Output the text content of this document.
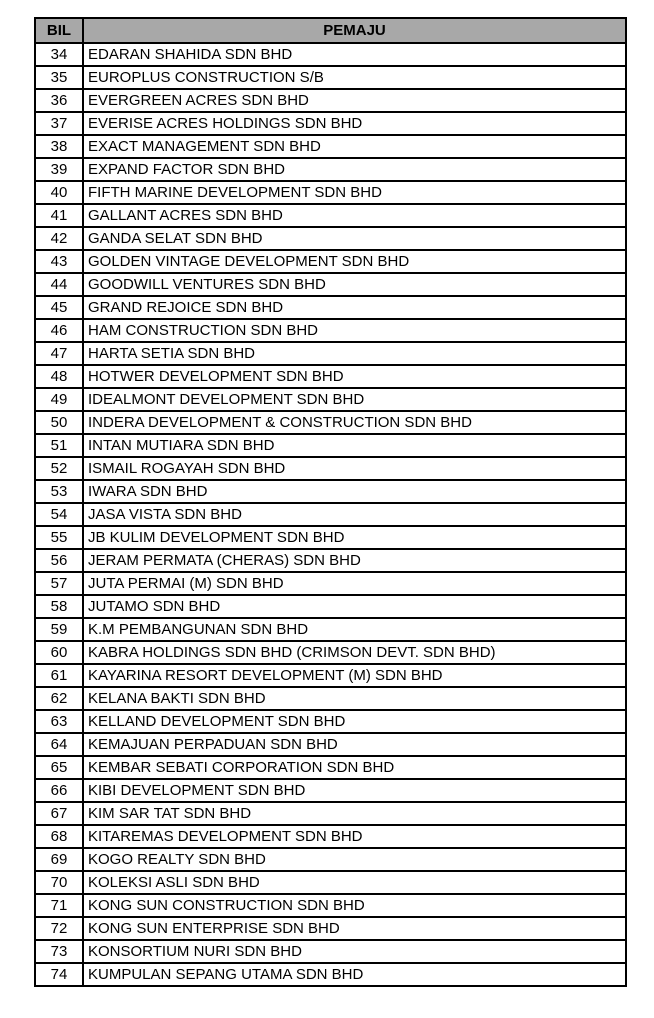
BIL	PEMAJU
34	EDARAN SHAHIDA SDN BHD
35	EUROPLUS CONSTRUCTION S/B
36	EVERGREEN ACRES SDN BHD
37	EVERISE ACRES HOLDINGS SDN BHD
38	EXACT MANAGEMENT SDN BHD
39	EXPAND FACTOR SDN BHD
40	FIFTH MARINE DEVELOPMENT SDN BHD
41	GALLANT ACRES SDN BHD
42	GANDA SELAT SDN BHD
43	GOLDEN VINTAGE DEVELOPMENT SDN BHD
44	GOODWILL VENTURES SDN BHD
45	GRAND REJOICE SDN BHD
46	HAM CONSTRUCTION SDN BHD
47	HARTA SETIA SDN BHD
48	HOTWER DEVELOPMENT SDN BHD
49	IDEALMONT DEVELOPMENT SDN BHD
50	INDERA DEVELOPMENT & CONSTRUCTION SDN BHD
51	INTAN MUTIARA SDN BHD
52	ISMAIL ROGAYAH SDN BHD
53	IWARA SDN BHD
54	JASA VISTA SDN BHD
55	JB KULIM DEVELOPMENT SDN BHD
56	JERAM PERMATA (CHERAS) SDN BHD
57	JUTA PERMAI (M) SDN BHD
58	JUTAMO SDN BHD
59	K.M PEMBANGUNAN SDN BHD
60	KABRA HOLDINGS SDN BHD (CRIMSON DEVT. SDN BHD)
61	KAYARINA RESORT DEVELOPMENT (M) SDN BHD
62	KELANA BAKTI SDN BHD
63	KELLAND DEVELOPMENT SDN BHD
64	KEMAJUAN PERPADUAN SDN BHD
65	KEMBAR SEBATI CORPORATION SDN BHD
66	KIBI DEVELOPMENT SDN BHD
67	KIM SAR TAT SDN BHD
68	KITAREMAS DEVELOPMENT SDN BHD
69	KOGO REALTY SDN BHD
70	KOLEKSI ASLI SDN BHD
71	KONG SUN CONSTRUCTION SDN BHD
72	KONG SUN ENTERPRISE SDN BHD
73	KONSORTIUM NURI SDN BHD
74	KUMPULAN SEPANG UTAMA SDN BHD
